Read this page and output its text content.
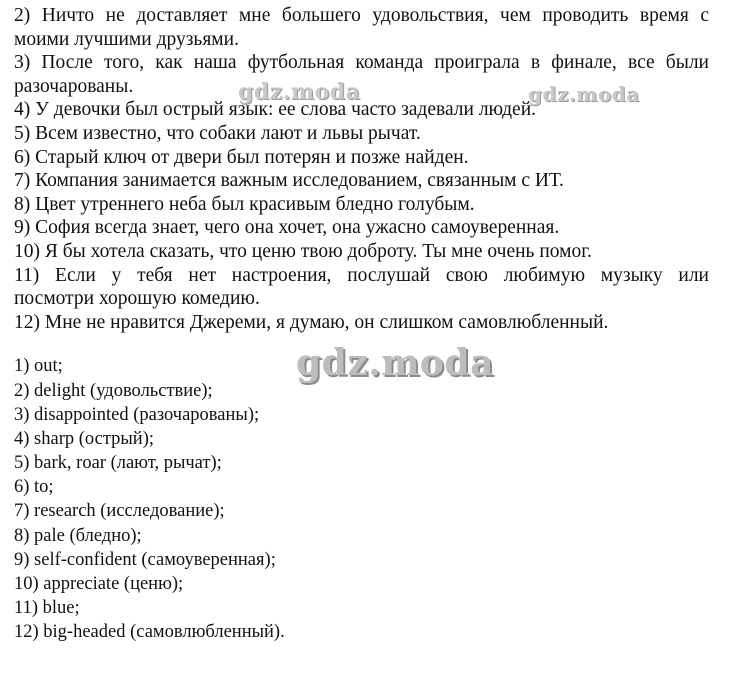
2) Ничто не доставляет мне большего удовольствия, чем проводить время с
моими лучшими друзьями.
3) После того, как наша футбольная команда проиграла в финале, все были
разочарованы.
4) У девочки был острый язык: ее слова часто задевали людей.
5) Всем известно, что собаки лают и львы рычат.
6) Старый ключ от двери был потерян и позже найден.
7) Компания занимается важным исследованием, связанным с ИТ.
8) Цвет утреннего неба был красивым бледно голубым.
9) София всегда знает, чего она хочет, она ужасно самоуверенная.
10) Я бы хотела сказать, что ценю твою доброту. Ты мне очень помог.
11) Если у тебя нет настроения, послушай свою любимую музыку или
посмотри хорошую комедию.
12) Мне не нравится Джереми, я думаю, он слишком самовлюбленный.
1) out;
2) delight (удовольствие);
3) disappointed (разочарованы);
4) sharp (острый);
5) bark, roar (лают, рычат);
6) to;
7) research (исследование);
8) pale (бледно);
9) self-confident (самоуверенная);
10) appreciate (ценю);
11) blue;
12) big-headed (самовлюбленный).
gdz.moda	gdz.moda
gdz.moda
